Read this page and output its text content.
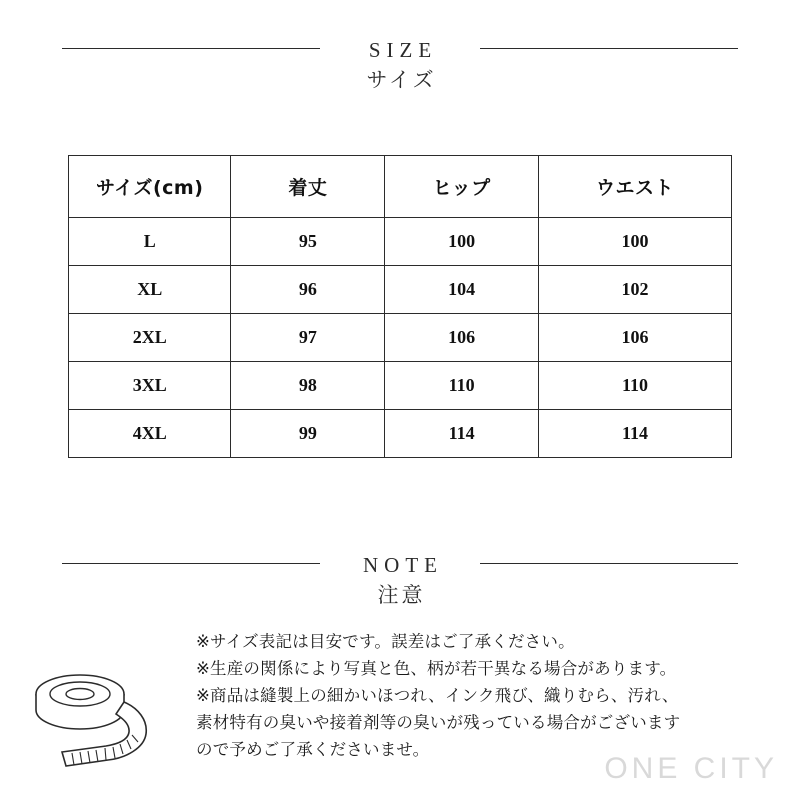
SIZE
サイズ
サイズ(cm)	着丈	ヒップ	ウエスト
L	95	100	100
XL	96	104	102
2XL	97	106	106
3XL	98	110	110
4XL	99	114	114
NOTE
注意
※サイズ表記は目安です。誤差はご了承ください。
※生産の関係により写真と色、柄が若干異なる場合があります。
※商品は縫製上の細かいほつれ、インク飛び、織りむら、汚れ、
素材特有の臭いや接着剤等の臭いが残っている場合がございます
ので予めご了承くださいませ。
ONE CITY
